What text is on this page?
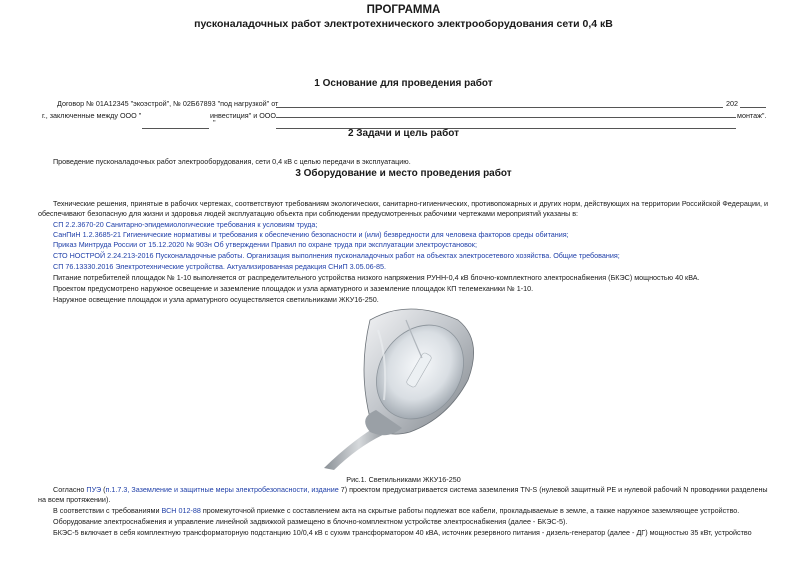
ПРОГРАММА
пусконаладочных работ электротехнического электрооборудования сети 0,4 кВ
1 Основание для проведения работ
Договор № 01А12345 "экоэстрой", № 02Б67893 "под нагрузкой" от	202
г., заключенные между ООО "	инвестиция" и ООО	монтаж".
"
2 Задачи и цель работ
Проведение пусконаладочных работ электрооборудования, сети 0,4 кВ с целью передачи в эксплуатацию.
3 Оборудование и место проведения работ
Технические решения, принятые в рабочих чертежах, соответствуют требованиям экологических, санитарно-гигиенических, противопожарных и других норм, действующих на территории Российской Федерации, и
обеспечивают безопасную для жизни и здоровья людей эксплуатацию объекта при соблюдении предусмотренных рабочими чертежами мероприятий указаны в:
СП 2.2.3670-20 Санитарно-эпидемиологические требования к условиям труда;
СанПиН 1.2.3685-21 Гигиенические нормативы и требования к обеспечению безопасности и (или) безвредности для человека факторов среды обитания;
Приказ Минтруда России от 15.12.2020 № 903н Об утверждении Правил по охране труда при эксплуатации электроустановок;
СТО НОСТРОЙ 2.24.213-2016 Пусконаладочные работы. Организация выполнения пусконаладочных работ на объектах электросетевого хозяйства. Общие требования;
СП 76.13330.2016 Электротехнические устройства. Актуализированная редакция СНиП 3.05.06-85.
Питание потребителей площадок № 1-10 выполняется от распределительного устройства низкого напряжения РУНН-0,4 кВ блочно-комплектного электроснабжения (БКЭС) мощностью 40 кВА.
Проектом предусмотрено наружное освещение и заземление площадок и узла арматурного и заземление площадок КП телемеханики № 1-10.
Наружное освещение площадок и узла арматурного осуществляется светильниками ЖКУ16-250.
Рис.1. Светильниками ЖКУ16-250
Согласно ПУЭ (п.1.7.3, Заземление и защитные меры электробезопасности, издание 7) проектом предусматривается система заземления TN-S (нулевой защитный PE и нулевой рабочий N проводники разделены
на всем протяжении).
В соответствии с требованиями ВСН 012-88 промежуточной приемке с составлением акта на скрытые работы подлежат все кабели, прокладываемые в земле, а также наружное заземляющее устройство.
Оборудование электроснабжения и управление линейной задвижкой размещено в блочно-комплектном устройстве электроснабжения (далее - БКЭС-5).
БКЭС-5 включает в себя комплектную трансформаторную подстанцию 10/0,4 кВ с сухим трансформатором 40 кВА, источник резервного питания - дизель-генератор (далее - ДГ) мощностью 35 кВт, устройство
